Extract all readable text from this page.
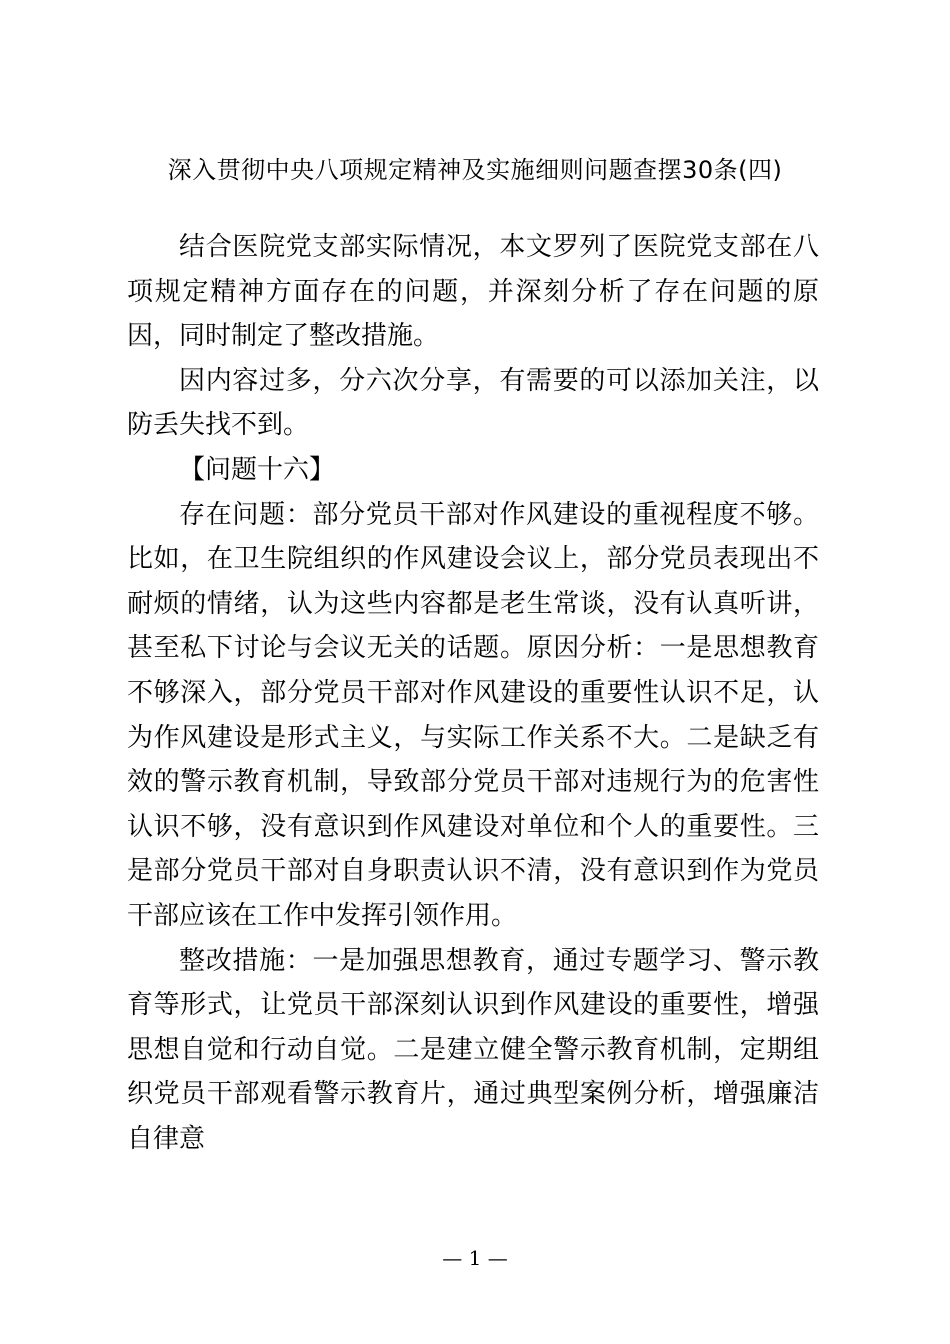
深入贯彻中央八项规定精神及实施细则问题查摆30条(四)

结合医院党支部实际情况，本文罗列了医院党支部在八项规定精神方面存在的问题，并深刻分析了存在问题的原因，同时制定了整改措施。

因内容过多，分六次分享，有需要的可以添加关注，以防丢失找不到。

【问题十六】

存在问题：部分党员干部对作风建设的重视程度不够。比如，在卫生院组织的作风建设会议上，部分党员表现出不耐烦的情绪，认为这些内容都是老生常谈，没有认真听讲，甚至私下讨论与会议无关的话题。原因分析：一是思想教育不够深入，部分党员干部对作风建设的重要性认识不足，认为作风建设是形式主义，与实际工作关系不大。二是缺乏有效的警示教育机制，导致部分党员干部对违规行为的危害性认识不够，没有意识到作风建设对单位和个人的重要性。三是部分党员干部对自身职责认识不清，没有意识到作为党员干部应该在工作中发挥引领作用。

整改措施：一是加强思想教育，通过专题学习、警示教育等形式，让党员干部深刻认识到作风建设的重要性，增强思想自觉和行动自觉。二是建立健全警示教育机制，定期组织党员干部观看警示教育片，通过典型案例分析，增强廉洁自律意

— 1 —
